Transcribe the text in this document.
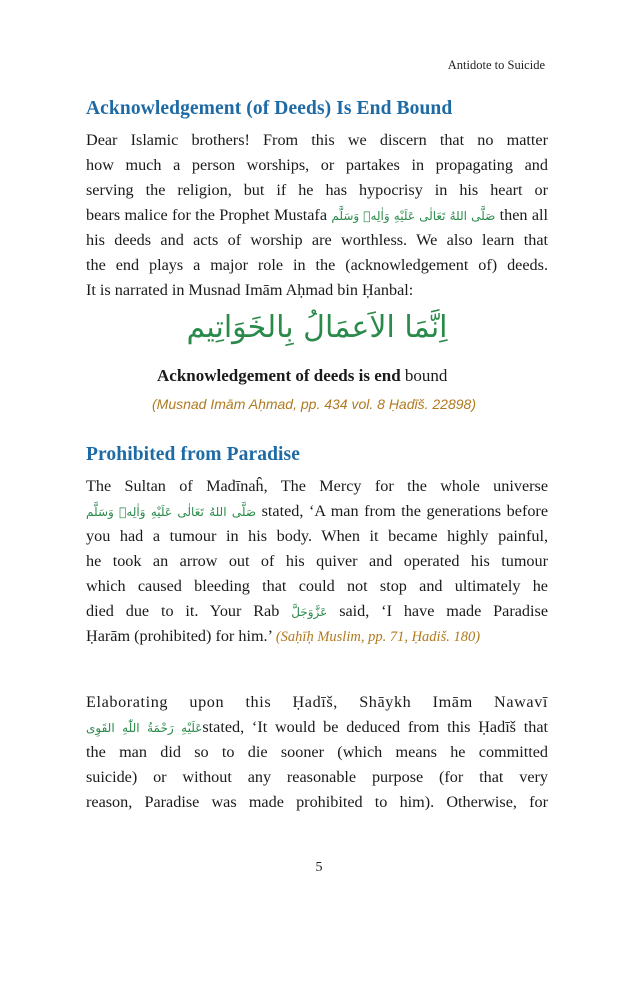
Antidote to Suicide
Acknowledgement (of Deeds) Is End Bound
Dear Islamic brothers! From this we discern that no matter
how much a person worships, or partakes in propagating and
serving the religion, but if he has hypocrisy in his heart or
bears malice for the Prophet Mustafa صَلَّى اللهُ تَعَالٰى عَلَيْهِ وَاٰلِهٖ وَسَلَّم then all
his deeds and acts of worship are worthless. We also learn that
the end plays a major role in the (acknowledgement of) deeds.
It is narrated in Musnad Imām Aḥmad bin Ḥanbal:
اِنَّمَا الاَعمَالُ بِالخَوَاتِيم
Acknowledgement of deeds is end bound
(Musnad Imām Aḥmad, pp. 434 vol. 8 Ḥadīš. 22898)
Prohibited from Paradise
The Sultan of Madīnaĥ, The Mercy for the whole universe
صَلَّى اللهُ تَعَالٰى عَلَيْهِ وَاٰلِهٖ وَسَلَّم stated, ‘A man from the generations before
you had a tumour in his body. When it became highly painful,
he took an arrow out of his quiver and operated his tumour
which caused bleeding that could not stop and ultimately he
died due to it. Your Rab عَزَّوَجَلَّ said, ‘I have made Paradise
Ḥarām (prohibited) for him.’ (Saḥīḥ Muslim, pp. 71, Ḥadiš. 180)
Elaborating upon this Ḥadīš, Shāykh Imām Nawavī
عَلَيْهِ رَحْمَةُ اللّٰهِ القَوِىstated, ‘It would be deduced from this Ḥadīš that
the man did so to die sooner (which means he committed
suicide) or without any reasonable purpose (for that very
reason, Paradise was made prohibited to him). Otherwise, for
5
